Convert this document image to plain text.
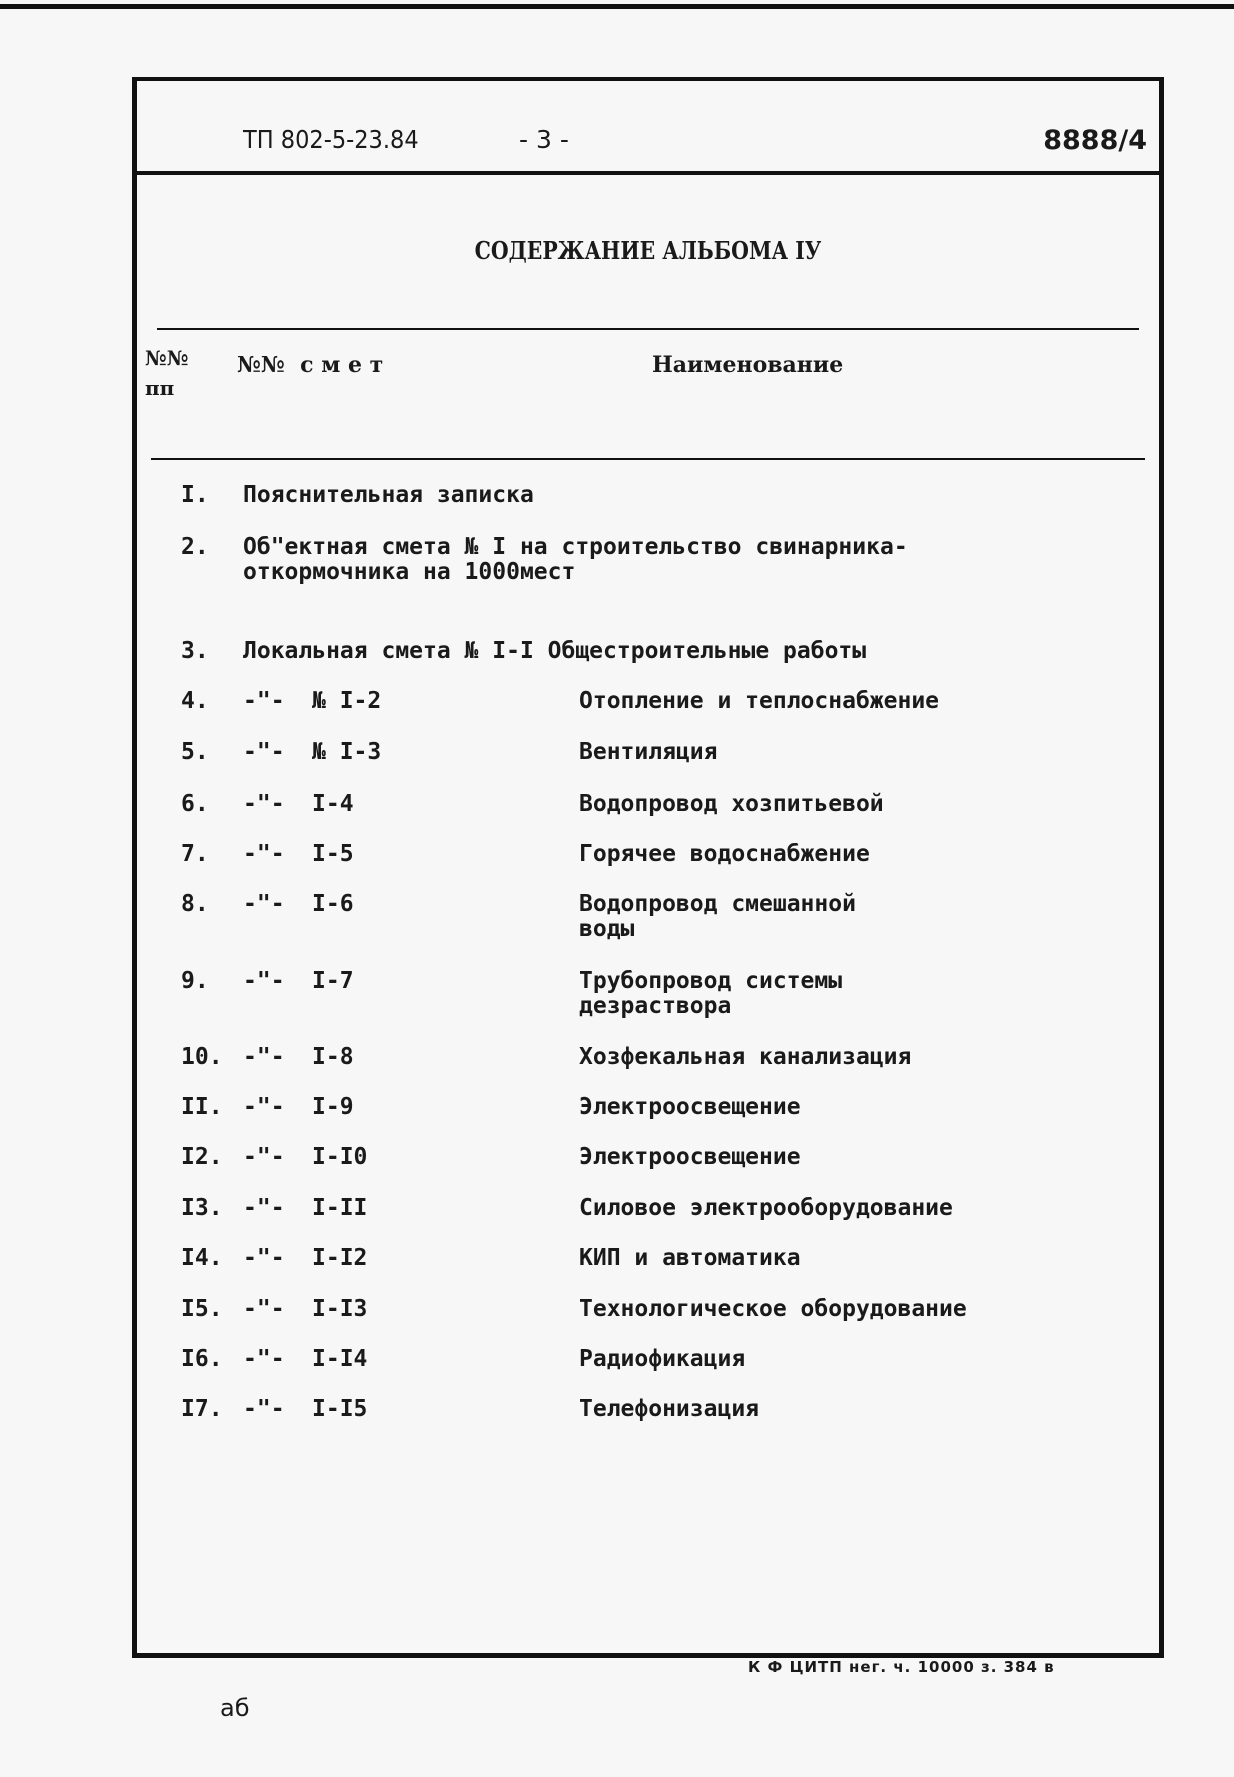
ТП 802-5-23.84	- 3 -	8888/4
СОДЕРЖАНИЕ АЛЬБОМА IУ
№№
пп
№№  с м е т	Наименование
I. Пояснительная записка
2. Об"ектная смета № I на строительство свинарника-
откормочника на 1000мест
3. Локальная смета № I-I Общестроительные работы
4. -"- № I-2	Отопление и теплоснабжение
5. -"- № I-3	Вентиляция
6. -"- I-4	Водопровод хозпитьевой
7. -"- I-5	Горячее водоснабжение
8. -"- I-6	Водопровод смешанной
воды
9. -"- I-7	Трубопровод системы
дезраствора
10. -"- I-8	Хозфекальная канализация
II. -"- I-9	Электроосвещение
I2. -"- I-I0	Электроосвещение
I3. -"- I-II	Силовое электрооборудование
I4. -"- I-I2	КИП и автоматика
I5. -"- I-I3	Технологическое оборудование
I6. -"- I-I4	Радиофикация
I7. -"- I-I5	Телефонизация
К Ф ЦИТП нег. ч. 10000 з. 384 в
аб
